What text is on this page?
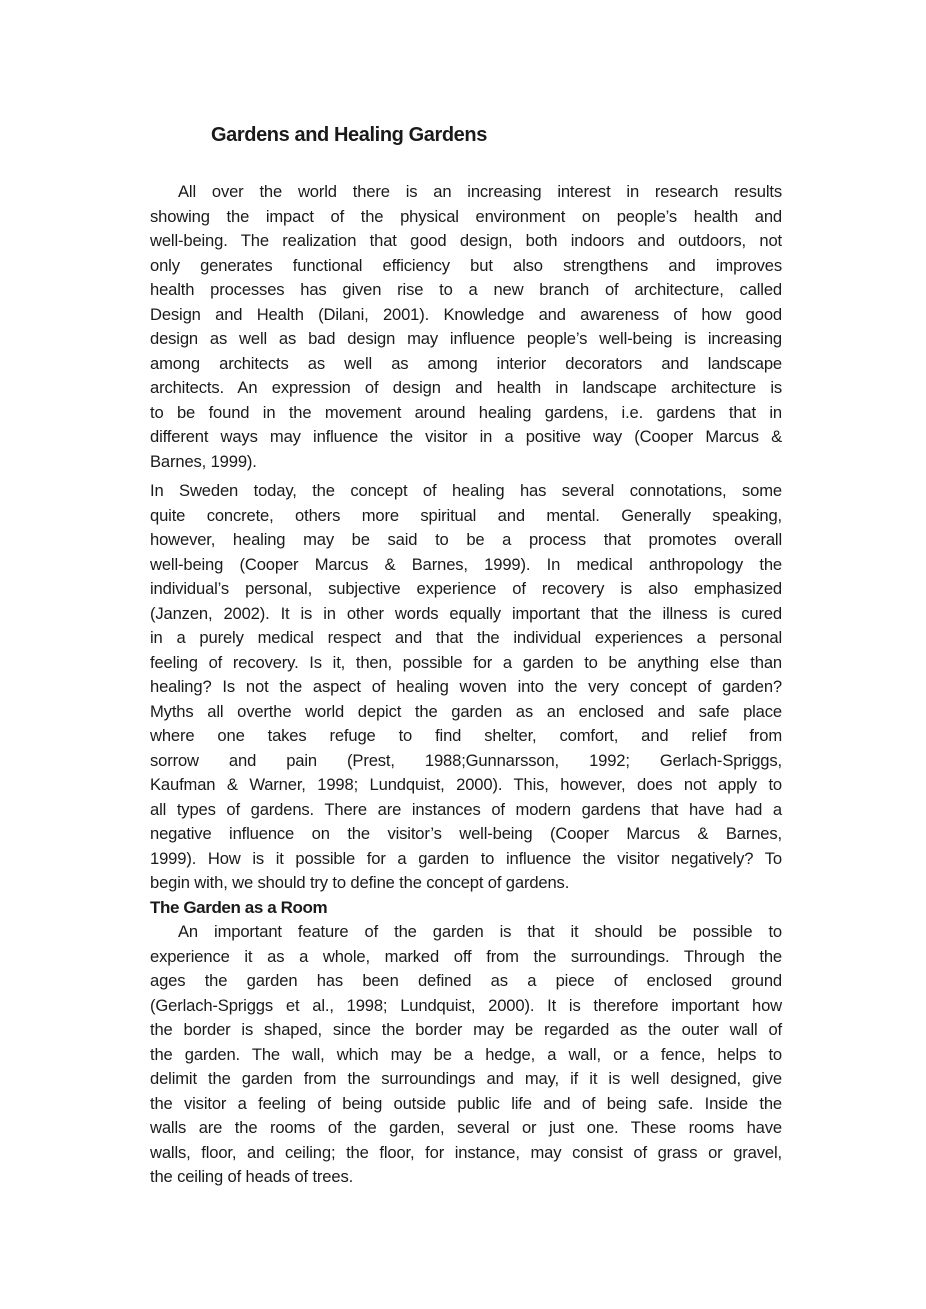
Gardens and Healing Gardens
All over the world there is an increasing interest in research results
showing the impact of the physical environment on people’s health and
well-being. The realization that good design, both indoors and outdoors, not
only generates functional efficiency but also strengthens and improves
health processes has given rise to a new branch of architecture, called
Design and Health (Dilani, 2001). Knowledge and awareness of how good
design as well as bad design may influence people’s well-being is increasing
among architects as well as among interior decorators and landscape
architects. An expression of design and health in landscape architecture is
to be found in the movement around healing gardens, i.e. gardens that in
different ways may influence the visitor in a positive way (Cooper Marcus &
Barnes, 1999).
In Sweden today, the concept of healing has several connotations, some
quite concrete, others more spiritual and mental. Generally speaking,
however, healing may be said to be a process that promotes overall
well-being (Cooper Marcus & Barnes, 1999). In medical anthropology the
individual’s personal, subjective experience of recovery is also emphasized
(Janzen, 2002). It is in other words equally important that the illness is cured
in a purely medical respect and that the individual experiences a personal
feeling of recovery. Is it, then, possible for a garden to be anything else than
healing? Is not the aspect of healing woven into the very concept of garden?
Myths all overthe world depict the garden as an enclosed and safe place
where one takes refuge to find shelter, comfort, and relief from
sorrow and pain (Prest, 1988;Gunnarsson, 1992; Gerlach-Spriggs,
Kaufman & Warner, 1998; Lundquist, 2000). This, however, does not apply to
all types of gardens. There are instances of modern gardens that have had a
negative influence on the visitor’s well-being (Cooper Marcus & Barnes,
1999). How is it possible for a garden to influence the visitor negatively? To
begin with, we should try to define the concept of gardens.
The Garden as a Room
An important feature of the garden is that it should be possible to
experience it as a whole, marked off from the surroundings. Through the
ages the garden has been defined as a piece of enclosed ground
(Gerlach-Spriggs et al., 1998; Lundquist, 2000). It is therefore important how
the border is shaped, since the border may be regarded as the outer wall of
the garden. The wall, which may be a hedge, a wall, or a fence, helps to
delimit the garden from the surroundings and may, if it is well designed, give
the visitor a feeling of being outside public life and of being safe. Inside the
walls are the rooms of the garden, several or just one. These rooms have
walls, floor, and ceiling; the floor, for instance, may consist of grass or gravel,
the ceiling of heads of trees.
